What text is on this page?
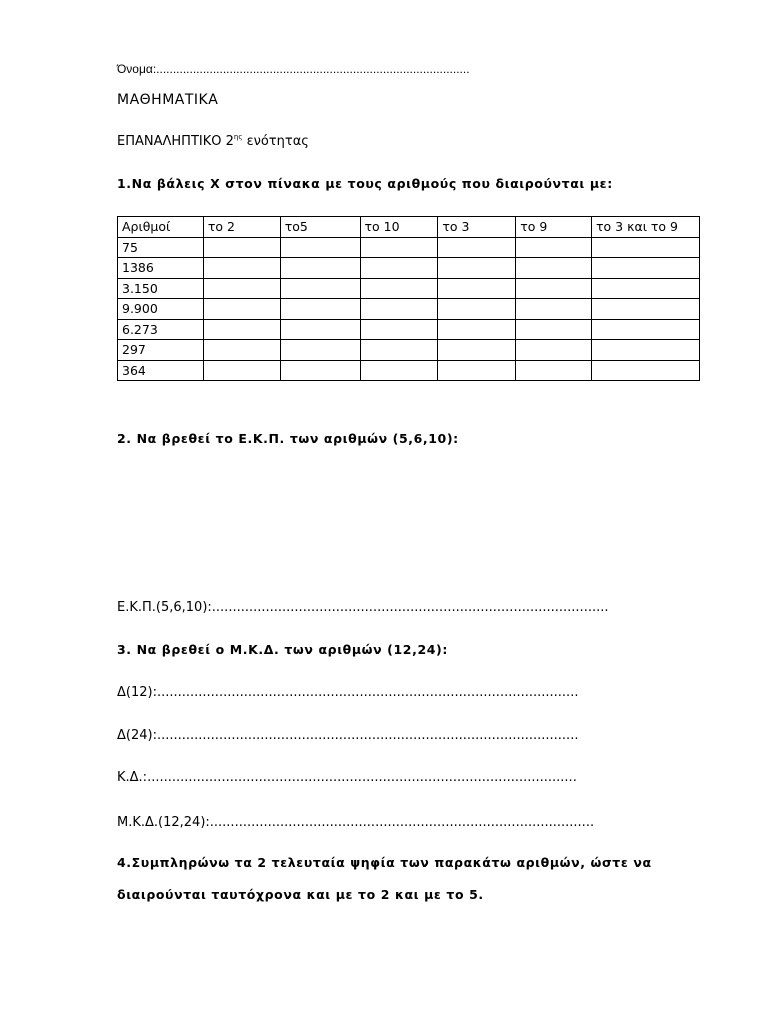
Όνομα:..............................................................................................
ΜΑΘΗΜΑΤΙΚΑ
ΕΠΑΝΑΛΗΠΤΙΚΟ $2^{\eta\varsigma}$ ενότητας
1.Να βάλεις Χ στον πίνακα με τους αριθμούς που διαιρούνται με:
Αριθμοί	το 2	το5	το 10	το 3	το 9	το 3 και το 9
75						
1386						
3.150						
9.900						
6.273						
297						
364						
2. Να βρεθεί το Ε.Κ.Π. των αριθμών (5,6,10):
Ε.Κ.Π.(5,6,10):................................................................................................
3. Να βρεθεί ο Μ.Κ.Δ. των αριθμών (12,24):
Δ(12):......................................................................................................
Δ(24):......................................................................................................
Κ.Δ.:........................................................................................................
Μ.Κ.Δ.(12,24):.............................................................................................
4.Συμπληρώνω τα 2 τελευταία ψηφία των παρακάτω αριθμών, ώστε να
διαιρούνται ταυτόχρονα και με το 2 και με το 5.
